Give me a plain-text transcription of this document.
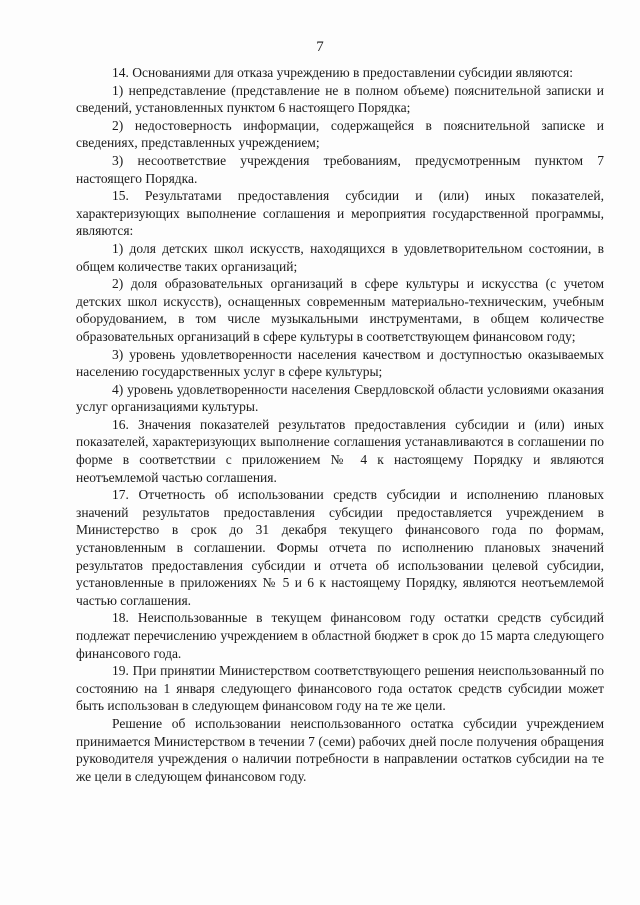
7

14. Основаниями для отказа учреждению в предоставлении субсидии являются:

1) непредставление (представление не в полном объеме) пояснительной записки и сведений, установленных пунктом 6 настоящего Порядка;

2) недостоверность информации, содержащейся в пояснительной записке и сведениях, представленных учреждением;

3) несоответствие учреждения требованиям, предусмотренным пунктом 7 настоящего Порядка.

15. Результатами предоставления субсидии и (или) иных показателей, характеризующих выполнение соглашения и мероприятия государственной программы, являются:

1) доля детских школ искусств, находящихся в удовлетворительном состоянии, в общем количестве таких организаций;

2) доля образовательных организаций в сфере культуры и искусства (с учетом детских школ искусств), оснащенных современным материально-техническим, учебным оборудованием, в том числе музыкальными инструментами, в общем количестве образовательных организаций в сфере культуры в соответствующем финансовом году;

3) уровень удовлетворенности населения качеством и доступностью оказываемых населению государственных услуг в сфере культуры;

4) уровень удовлетворенности населения Свердловской области условиями оказания услуг организациями культуры.

16. Значения показателей результатов предоставления субсидии и (или) иных показателей, характеризующих выполнение соглашения устанавливаются в соглашении по форме в соответствии с приложением № 4 к настоящему Порядку и являются неотъемлемой частью соглашения.

17. Отчетность об использовании средств субсидии и исполнению плановых значений результатов предоставления субсидии предоставляется учреждением в Министерство в срок до 31 декабря текущего финансового года по формам, установленным в соглашении. Формы отчета по исполнению плановых значений результатов предоставления субсидии и отчета об использовании целевой субсидии, установленные в приложениях № 5 и 6 к настоящему Порядку, являются неотъемлемой частью соглашения.

18. Неиспользованные в текущем финансовом году остатки средств субсидий подлежат перечислению учреждением в областной бюджет в срок до 15 марта следующего финансового года.

19. При принятии Министерством соответствующего решения неиспользованный по состоянию на 1 января следующего финансового года остаток средств субсидии может быть использован в следующем финансовом году на те же цели.

Решение об использовании неиспользованного остатка субсидии учреждением принимается Министерством в течении 7 (семи) рабочих дней после получения обращения руководителя учреждения о наличии потребности в направлении остатков субсидии на те же цели в следующем финансовом году.
